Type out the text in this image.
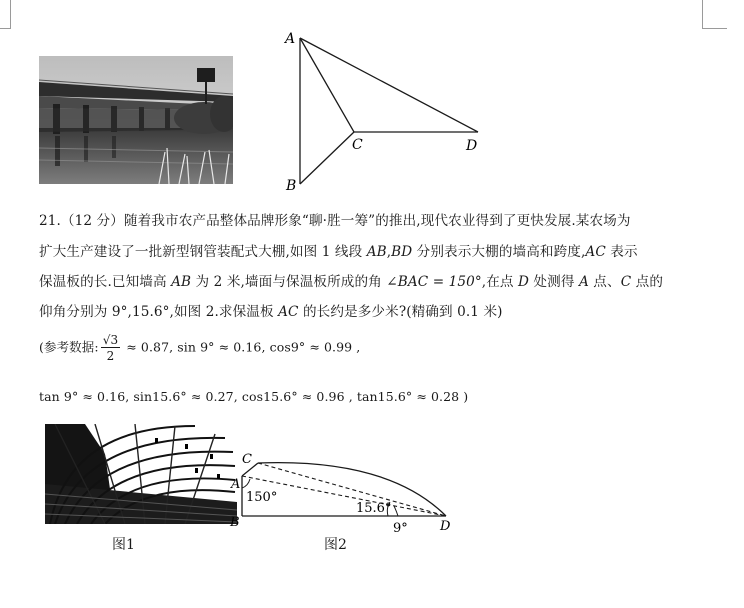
A
B
C	D
21.（12 分）随着我市农产品整体品牌形象“聊·胜一筹”的推出,现代农业得到了更快发展.某农场为
扩大生产建设了一批新型钢管装配式大棚,如图 1 线段 AB,BD 分别表示大棚的墙高和跨度,AC 表示
保温板的长.已知墙高 AB 为 2 米,墙面与保温板所成的角 ∠BAC = 150°,在点 D 处测得 A 点、C 点的
仰角分别为 9°,15.6°,如图 2.求保温板 AC 的长约是多少米?(精确到 0.1 米)
(参考数据: $\frac{√3}{2} \approx 0.87$, sin 9° ≈ 0.16, cos9° ≈ 0.99 ,
tan 9° ≈ 0.16, sin15.6° ≈ 0.27, cos15.6° ≈ 0.96 , tan15.6° ≈ 0.28 )
C
A
B	D
150°
15.6°
9°
图1	图2
